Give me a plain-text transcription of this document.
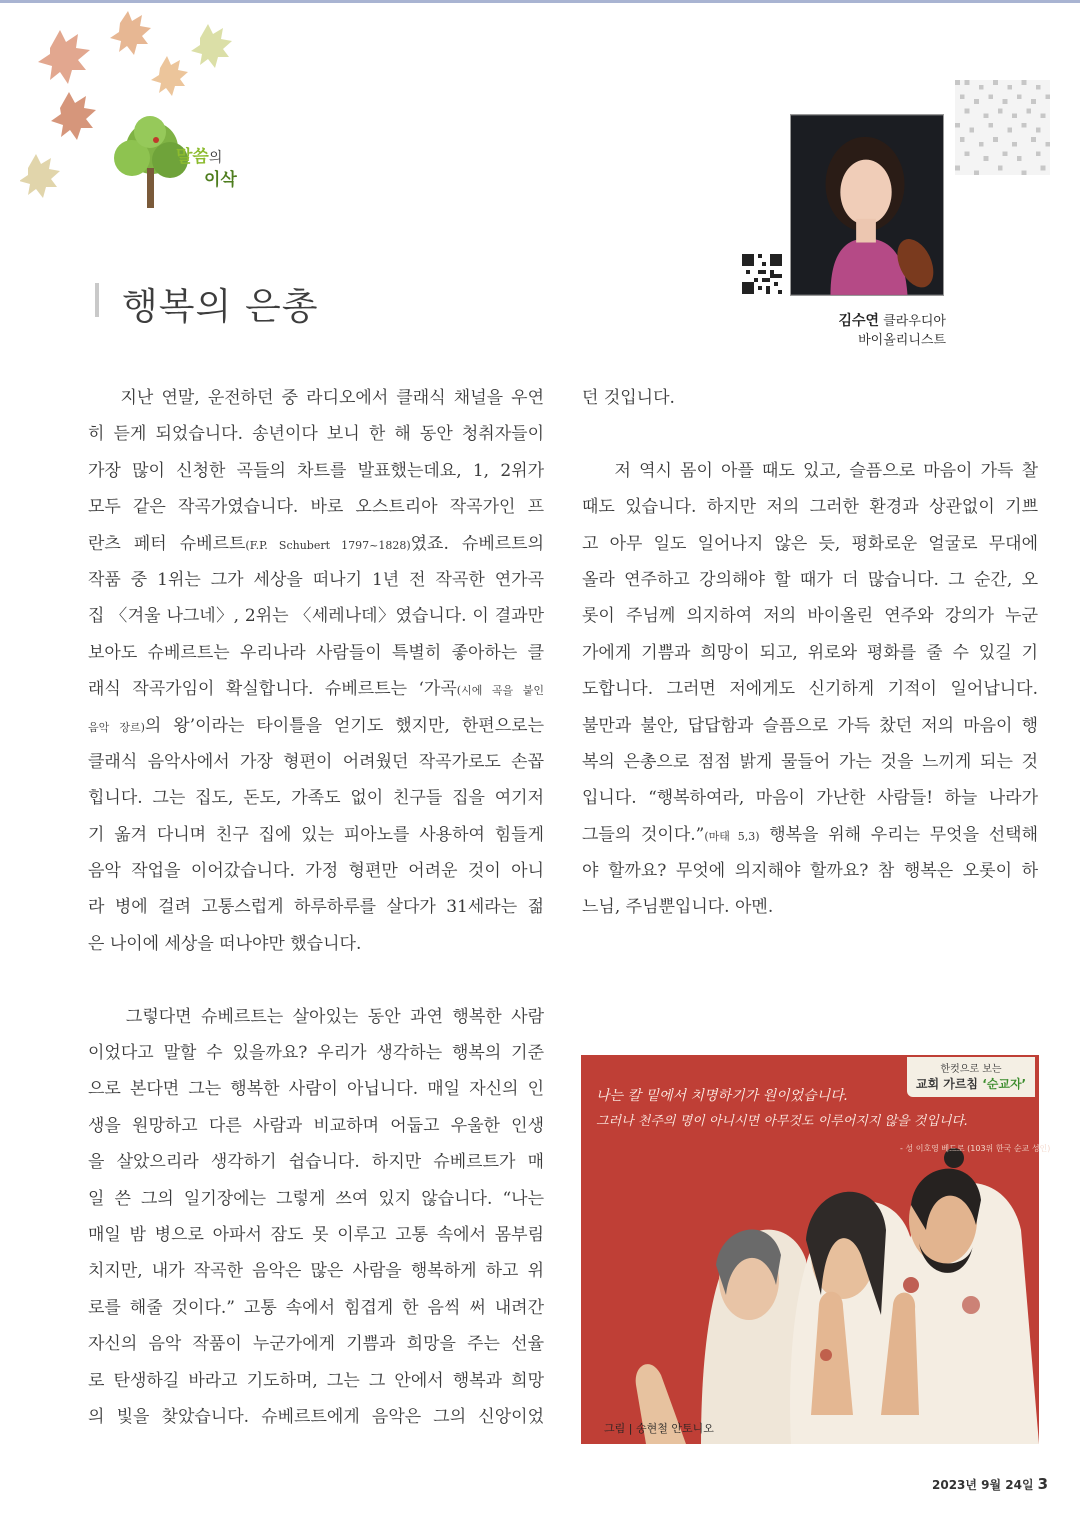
말씀의
이삭
행복의 은총	김수연 클라우디아
바이올리니스트
지난 연말, 운전하던 중 라디오에서 클래식 채널을 우연
히 듣게 되었습니다. 송년이다 보니 한 해 동안 청취자들이
가장 많이 신청한 곡들의 차트를 발표했는데요, 1, 2위가
모두 같은 작곡가였습니다. 바로 오스트리아 작곡가인 프
란츠 페터 슈베르트(F.P. Schubert 1797~1828)였죠. 슈베르트의
작품 중 1위는 그가 세상을 떠나기 1년 전 작곡한 연가곡
집 〈겨울 나그네〉, 2위는 〈세레나데〉였습니다. 이 결과만
보아도 슈베르트는 우리나라 사람들이 특별히 좋아하는 클
래식 작곡가임이 확실합니다. 슈베르트는 ‘가곡(시에 곡을 붙인
음악 장르)의 왕’이라는 타이틀을 얻기도 했지만, 한편으로는
클래식 음악사에서 가장 형편이 어려웠던 작곡가로도 손꼽
힙니다. 그는 집도, 돈도, 가족도 없이 친구들 집을 여기저
기 옮겨 다니며 친구 집에 있는 피아노를 사용하여 힘들게
음악 작업을 이어갔습니다. 가정 형편만 어려운 것이 아니
라 병에 걸려 고통스럽게 하루하루를 살다가 31세라는 젊
은 나이에 세상을 떠나야만 했습니다.
그렇다면 슈베르트는 살아있는 동안 과연 행복한 사람
이었다고 말할 수 있을까요? 우리가 생각하는 행복의 기준
으로 본다면 그는 행복한 사람이 아닙니다. 매일 자신의 인
생을 원망하고 다른 사람과 비교하며 어둡고 우울한 인생
을 살았으리라 생각하기 쉽습니다. 하지만 슈베르트가 매
일 쓴 그의 일기장에는 그렇게 쓰여 있지 않습니다. “나는
매일 밤 병으로 아파서 잠도 못 이루고 고통 속에서 몸부림
치지만, 내가 작곡한 음악은 많은 사람을 행복하게 하고 위
로를 해줄 것이다.” 고통 속에서 힘겹게 한 음씩 써 내려간
자신의 음악 작품이 누군가에게 기쁨과 희망을 주는 선율
로 탄생하길 바라고 기도하며, 그는 그 안에서 행복과 희망
의 빛을 찾았습니다. 슈베르트에게 음악은 그의 신앙이었
던 것입니다.
저 역시 몸이 아플 때도 있고, 슬픔으로 마음이 가득 찰
때도 있습니다. 하지만 저의 그러한 환경과 상관없이 기쁘
고 아무 일도 일어나지 않은 듯, 평화로운 얼굴로 무대에
올라 연주하고 강의해야 할 때가 더 많습니다. 그 순간, 오
롯이 주님께 의지하여 저의 바이올린 연주와 강의가 누군
가에게 기쁨과 희망이 되고, 위로와 평화를 줄 수 있길 기
도합니다. 그러면 저에게도 신기하게 기적이 일어납니다.
불만과 불안, 답답함과 슬픔으로 가득 찼던 저의 마음이 행
복의 은총으로 점점 밝게 물들어 가는 것을 느끼게 되는 것
입니다. “행복하여라, 마음이 가난한 사람들! 하늘 나라가
그들의 것이다.”(마태 5,3) 행복을 위해 우리는 무엇을 선택해
야 할까요? 무엇에 의지해야 할까요? 참 행복은 오롯이 하
느님, 주님뿐입니다. 아멘.
한컷으로 보는
교회 가르침 ‘순교자’
나는 칼 밑에서 치명하기가 원이었습니다.
그러나 천주의 명이 아니시면 아무것도 이루어지지 않을 것입니다.
- 성 이호영 베드로 (103위 한국 순교 성인)
그림 | 송현철 안토니오
2023년 9월 24일 3
